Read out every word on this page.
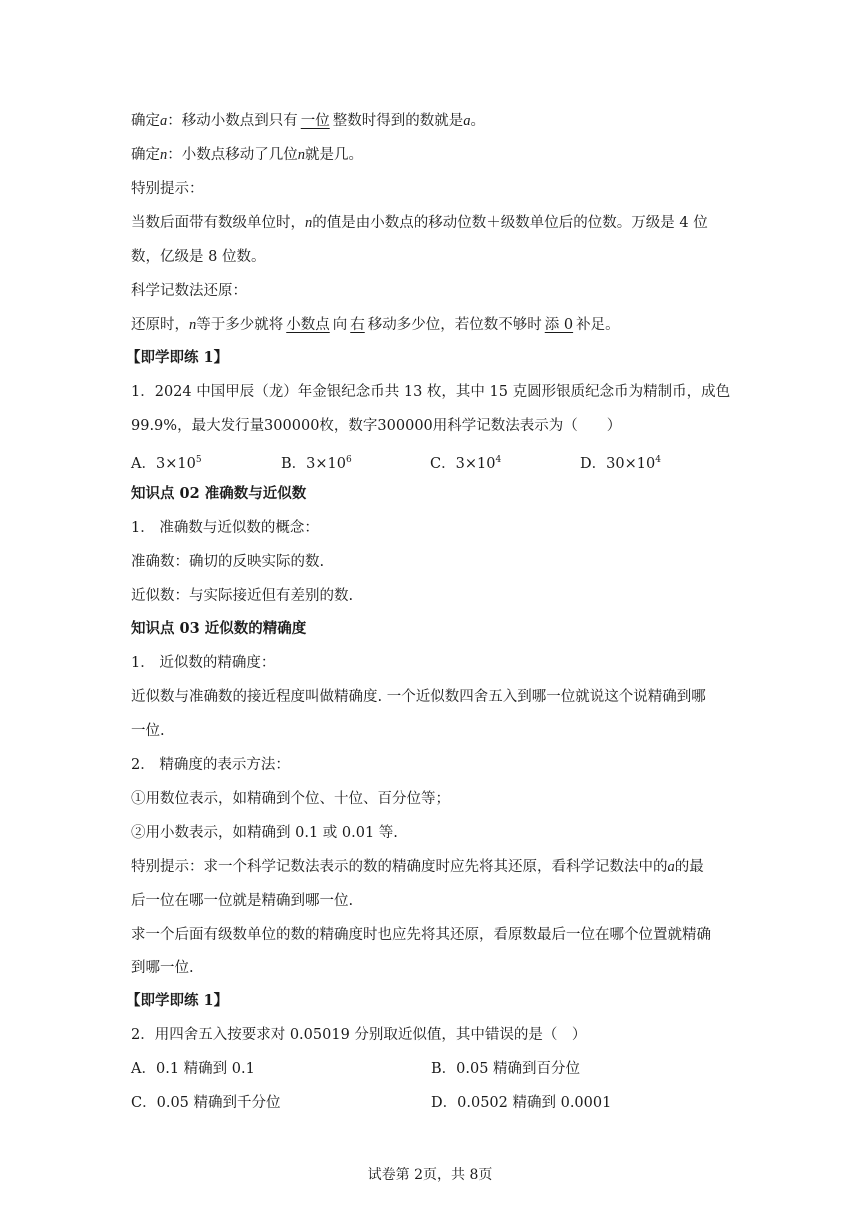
确定a：移动小数点到只有 一位 整数时得到的数就是a。
确定n：小数点移动了几位n就是几。
特别提示：
当数后面带有数级单位时，n的值是由小数点的移动位数＋级数单位后的位数。万级是 4 位
数，亿级是 8 位数。
科学记数法还原：
还原时，n等于多少就将 小数点 向 右 移动多少位，若位数不够时 添 0 补足。
【即学即练 1】
1．2024 中国甲辰（龙）年金银纪念币共 13 枚，其中 15 克圆形银质纪念币为精制币，成色
99.9%，最大发行量300000枚，数字300000用科学记数法表示为（　　）
A．$3\times 10^5$	B．$3\times 10^6$	C．$3\times 10^4$	D．$30\times 10^4$
知识点 02 准确数与近似数
1． 准确数与近似数的概念：
准确数：确切的反映实际的数.
近似数：与实际接近但有差别的数.
知识点 03 近似数的精确度
1． 近似数的精确度：
近似数与准确数的接近程度叫做精确度. 一个近似数四舍五入到哪一位就说这个说精确到哪
一位.
2． 精确度的表示方法：
①用数位表示，如精确到个位、十位、百分位等；
②用小数表示，如精确到 0.1 或 0.01 等.
特别提示：求一个科学记数法表示的数的精确度时应先将其还原，看科学记数法中的a的最
后一位在哪一位就是精确到哪一位.
求一个后面有级数单位的数的精确度时也应先将其还原，看原数最后一位在哪个位置就精确
到哪一位.
【即学即练 1】
2．用四舍五入按要求对 0.05019 分别取近似值，其中错误的是（　）
A．0.1 精确到 0.1	B．0.05 精确到百分位
C．0.05 精确到千分位	D．0.0502 精确到 0.0001
试卷第 2页，共 8页
